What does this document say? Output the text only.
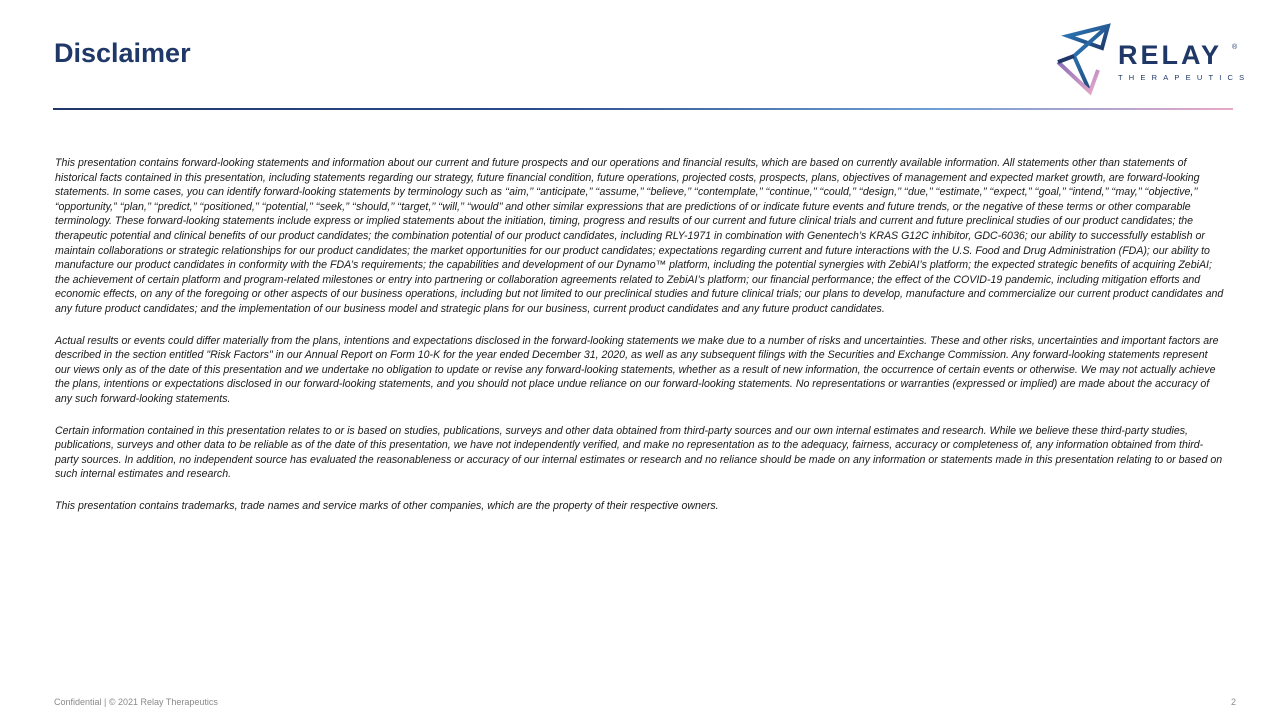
Disclaimer	RELAY ®
THERAPEUTICS

This presentation contains forward-looking statements and information about our current and future prospects and our operations and financial results, which are based on currently available information. All statements other than statements of historical facts contained in this presentation, including statements regarding our strategy, future financial condition, future operations, projected costs, prospects, plans, objectives of management and expected market growth, are forward-looking statements. In some cases, you can identify forward-looking statements by terminology such as ‘‘aim,’’ ‘‘anticipate,’’ ‘‘assume,’’ ‘‘believe,’’ ‘‘contemplate,’’ ‘‘continue,’’ ‘‘could,’’ ‘‘design,’’ ‘‘due,’’ ‘‘estimate,’’ ‘‘expect,’’ ‘‘goal,’’ ‘‘intend,’’ ‘‘may,’’ ‘‘objective,’’ “opportunity,” ‘‘plan,’’ ‘‘predict,’’ ‘‘positioned,’’ ‘‘potential,’’ ‘‘seek,’’ ‘‘should,’’ ‘‘target,’’ ‘‘will,’’ ‘‘would’’ and other similar expressions that are predictions of or indicate future events and future trends, or the negative of these terms or other comparable terminology. These forward-looking statements include express or implied statements about the initiation, timing, progress and results of our current and future clinical trials and current and future preclinical studies of our product candidates; the therapeutic potential and clinical benefits of our product candidates; the combination potential of our product candidates, including RLY-1971 in combination with Genentech’s KRAS G12C inhibitor, GDC-6036; our ability to successfully establish or maintain collaborations or strategic relationships for our product candidates; the market opportunities for our product candidates; expectations regarding current and future interactions with the U.S. Food and Drug Administration (FDA); our ability to manufacture our product candidates in conformity with the FDA’s requirements; the capabilities and development of our Dynamo™ platform, including the potential synergies with ZebiAI’s platform; the expected strategic benefits of acquiring ZebiAI; the achievement of certain platform and program-related milestones or entry into partnering or collaboration agreements related to ZebiAI’s platform; our financial performance; the effect of the COVID-19 pandemic, including mitigation efforts and economic effects, on any of the foregoing or other aspects of our business operations, including but not limited to our preclinical studies and future clinical trials; our plans to develop, manufacture and commercialize our current product candidates and any future product candidates; and the implementation of our business model and strategic plans for our business, current product candidates and any future product candidates.

Actual results or events could differ materially from the plans, intentions and expectations disclosed in the forward-looking statements we make due to a number of risks and uncertainties. These and other risks, uncertainties and important factors are described in the section entitled "Risk Factors" in our Annual Report on Form 10-K for the year ended December 31, 2020, as well as any subsequent filings with the Securities and Exchange Commission. Any forward-looking statements represent our views only as of the date of this presentation and we undertake no obligation to update or revise any forward-looking statements, whether as a result of new information, the occurrence of certain events or otherwise. We may not actually achieve the plans, intentions or expectations disclosed in our forward-looking statements, and you should not place undue reliance on our forward-looking statements. No representations or warranties (expressed or implied) are made about the accuracy of any such forward-looking statements.

Certain information contained in this presentation relates to or is based on studies, publications, surveys and other data obtained from third-party sources and our own internal estimates and research. While we believe these third-party studies, publications, surveys and other data to be reliable as of the date of this presentation, we have not independently verified, and make no representation as to the adequacy, fairness, accuracy or completeness of, any information obtained from third-party sources. In addition, no independent source has evaluated the reasonableness or accuracy of our internal estimates or research and no reliance should be made on any information or statements made in this presentation relating to or based on such internal estimates and research.

This presentation contains trademarks, trade names and service marks of other companies, which are the property of their respective owners.

Confidential | © 2021 Relay Therapeutics	2
